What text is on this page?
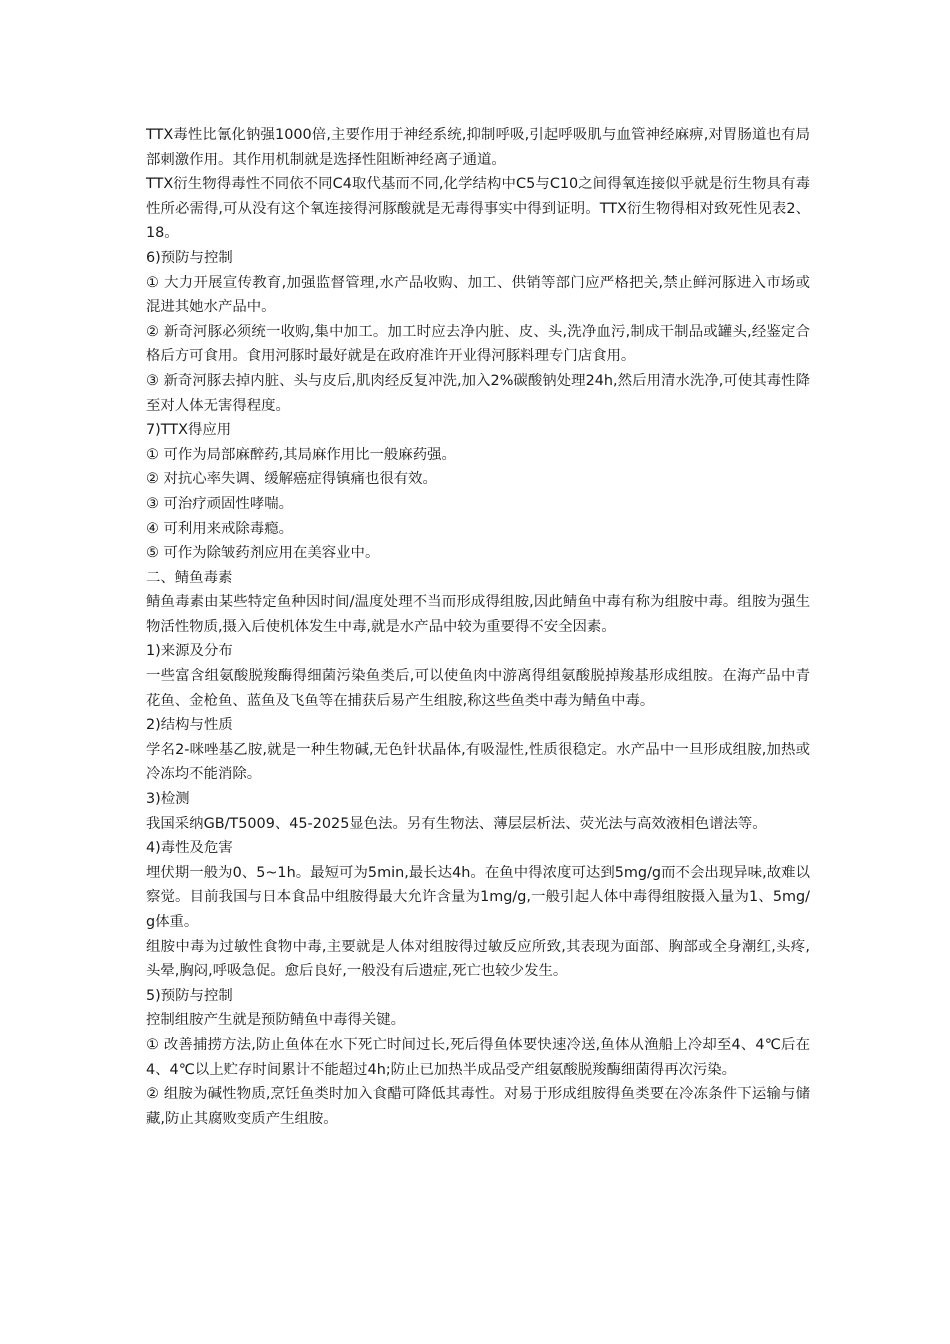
TTX毒性比氰化钠强1000倍,主要作用于神经系统,抑制呼吸,引起呼吸肌与血管神经麻痹,对胃肠道也有局部刺激作用。其作用机制就是选择性阻断神经离子通道。

TTX衍生物得毒性不同依不同C4取代基而不同,化学结构中C5与C10之间得氧连接似乎就是衍生物具有毒性所必需得,可从没有这个氧连接得河豚酸就是无毒得事实中得到证明。TTX衍生物得相对致死性见表2、18。

6)预防与控制

① 大力开展宣传教育,加强监督管理,水产品收购、加工、供销等部门应严格把关,禁止鲜河豚进入市场或混进其她水产品中。

② 新奇河豚必须统一收购,集中加工。加工时应去净内脏、皮、头,洗净血污,制成干制品或罐头,经鉴定合格后方可食用。食用河豚时最好就是在政府准许开业得河豚料理专门店食用。

③ 新奇河豚去掉内脏、头与皮后,肌肉经反复冲洗,加入2%碳酸钠处理24h,然后用清水洗净,可使其毒性降至对人体无害得程度。

7)TTX得应用

① 可作为局部麻醉药,其局麻作用比一般麻药强。

② 对抗心率失调、缓解癌症得镇痛也很有效。

③ 可治疗顽固性哮喘。

④ 可利用来戒除毒瘾。

⑤ 可作为除皱药剂应用在美容业中。

二、鲭鱼毒素

鲭鱼毒素由某些特定鱼种因时间/温度处理不当而形成得组胺,因此鲭鱼中毒有称为组胺中毒。组胺为强生物活性物质,摄入后使机体发生中毒,就是水产品中较为重要得不安全因素。

1)来源及分布

一些富含组氨酸脱羧酶得细菌污染鱼类后,可以使鱼肉中游离得组氨酸脱掉羧基形成组胺。在海产品中青花鱼、金枪鱼、蓝鱼及飞鱼等在捕获后易产生组胺,称这些鱼类中毒为鲭鱼中毒。

2)结构与性质

学名2-咪唑基乙胺,就是一种生物碱,无色针状晶体,有吸湿性,性质很稳定。水产品中一旦形成组胺,加热或冷冻均不能消除。

3)检测

我国采纳GB/T5009、45-2025显色法。另有生物法、薄层层析法、荧光法与高效液相色谱法等。

4)毒性及危害

埋伏期一般为0、5~1h。最短可为5min,最长达4h。在鱼中得浓度可达到5mg/g而不会出现异味,故难以察觉。目前我国与日本食品中组胺得最大允许含量为1mg/g,一般引起人体中毒得组胺摄入量为1、5mg/g体重。

组胺中毒为过敏性食物中毒,主要就是人体对组胺得过敏反应所致,其表现为面部、胸部或全身潮红,头疼,头晕,胸闷,呼吸急促。愈后良好,一般没有后遗症,死亡也较少发生。

5)预防与控制

控制组胺产生就是预防鲭鱼中毒得关键。

① 改善捕捞方法,防止鱼体在水下死亡时间过长,死后得鱼体要快速冷送,鱼体从渔船上冷却至4、4℃后在4、4℃以上贮存时间累计不能超过4h;防止已加热半成品受产组氨酸脱羧酶细菌得再次污染。

② 组胺为碱性物质,烹饪鱼类时加入食醋可降低其毒性。对易于形成组胺得鱼类要在冷冻条件下运输与储藏,防止其腐败变质产生组胺。
